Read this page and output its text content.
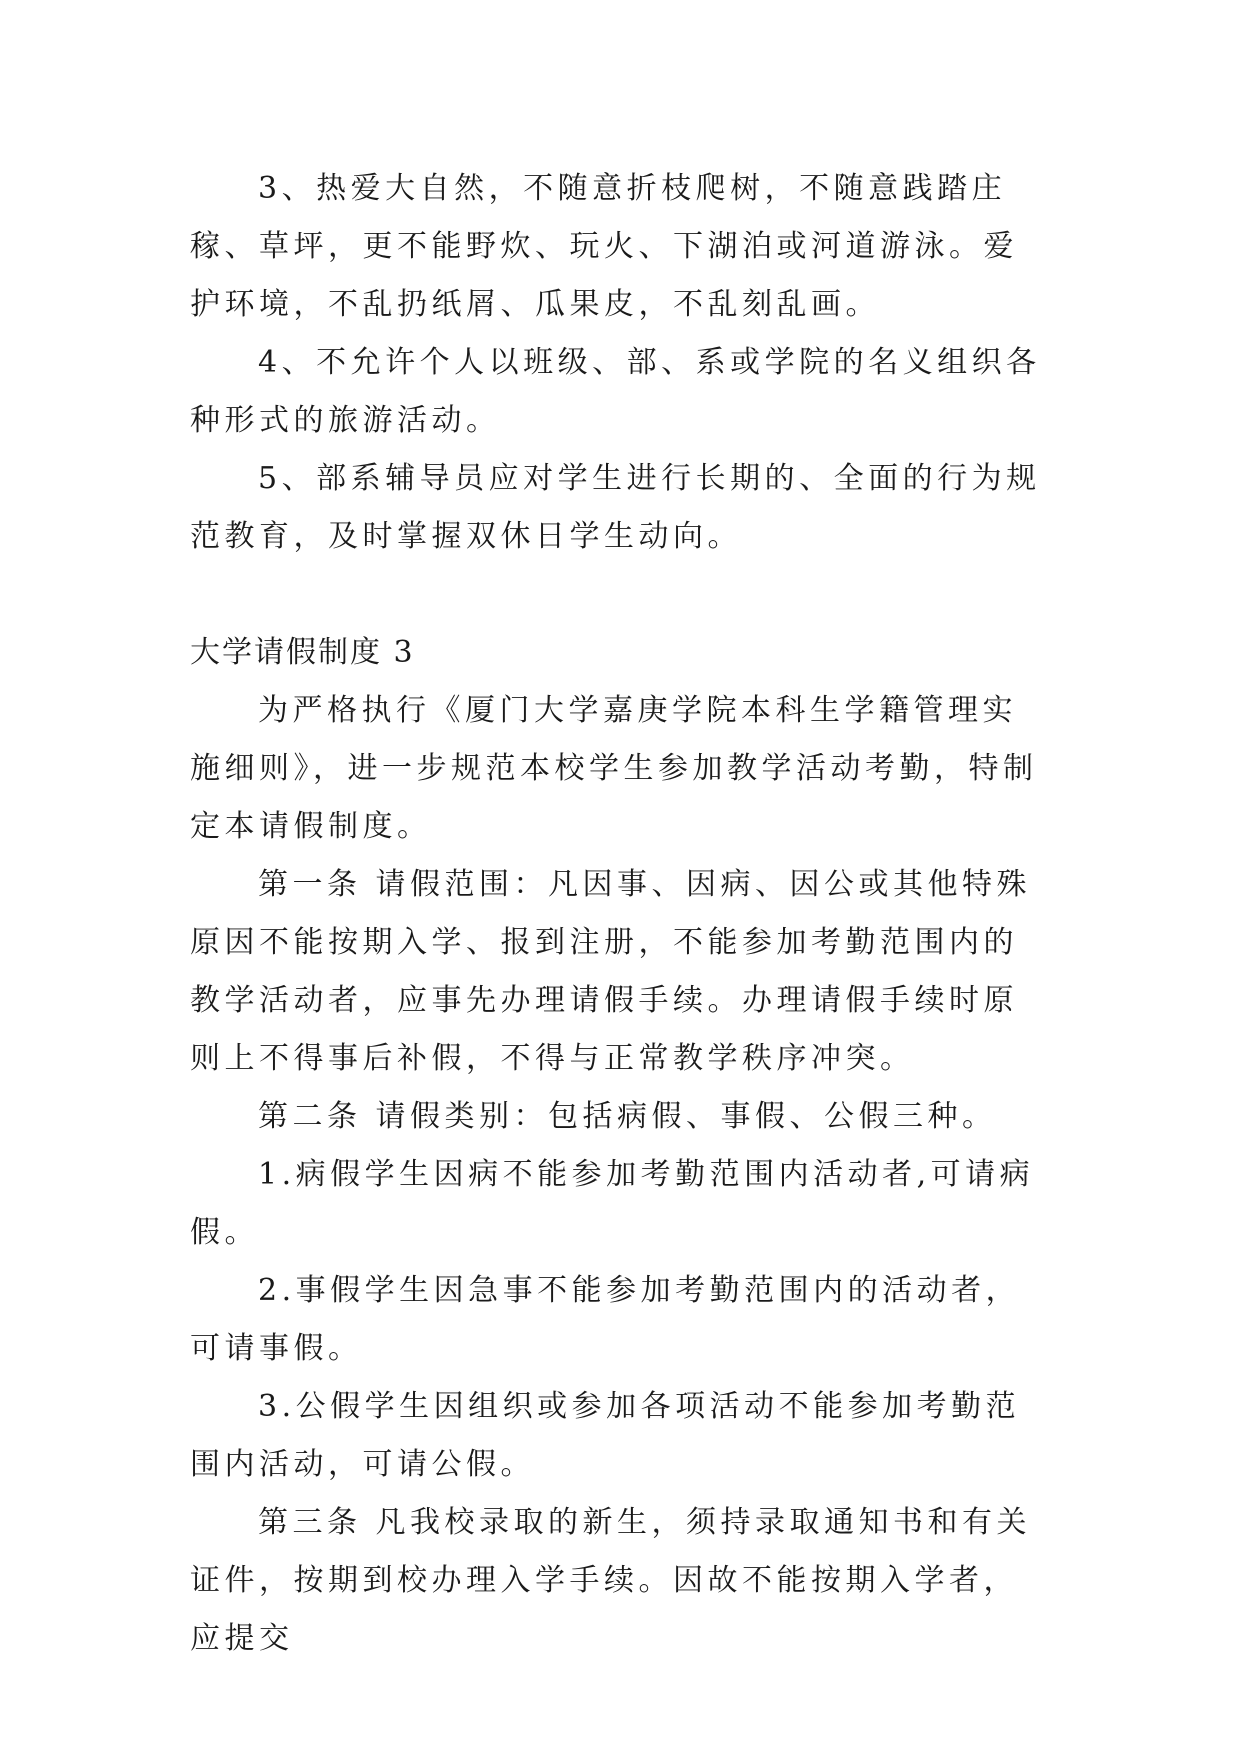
3、热爱大自然，不随意折枝爬树，不随意践踏庄稼、草坪，更不能野炊、玩火、下湖泊或河道游泳。爱护环境，不乱扔纸屑、瓜果皮，不乱刻乱画。

4、不允许个人以班级、部、系或学院的名义组织各种形式的旅游活动。

5、部系辅导员应对学生进行长期的、全面的行为规范教育，及时掌握双休日学生动向。

大学请假制度 3

为严格执行《厦门大学嘉庚学院本科生学籍管理实施细则》，进一步规范本校学生参加教学活动考勤，特制定本请假制度。

第一条 请假范围：凡因事、因病、因公或其他特殊原因不能按期入学、报到注册，不能参加考勤范围内的教学活动者，应事先办理请假手续。办理请假手续时原则上不得事后补假，不得与正常教学秩序冲突。

第二条 请假类别：包括病假、事假、公假三种。

1.病假学生因病不能参加考勤范围内活动者,可请病假。

2.事假学生因急事不能参加考勤范围内的活动者，可请事假。

3.公假学生因组织或参加各项活动不能参加考勤范围内活动，可请公假。

第三条 凡我校录取的新生，须持录取通知书和有关证件，按期到校办理入学手续。因故不能按期入学者，应提交
